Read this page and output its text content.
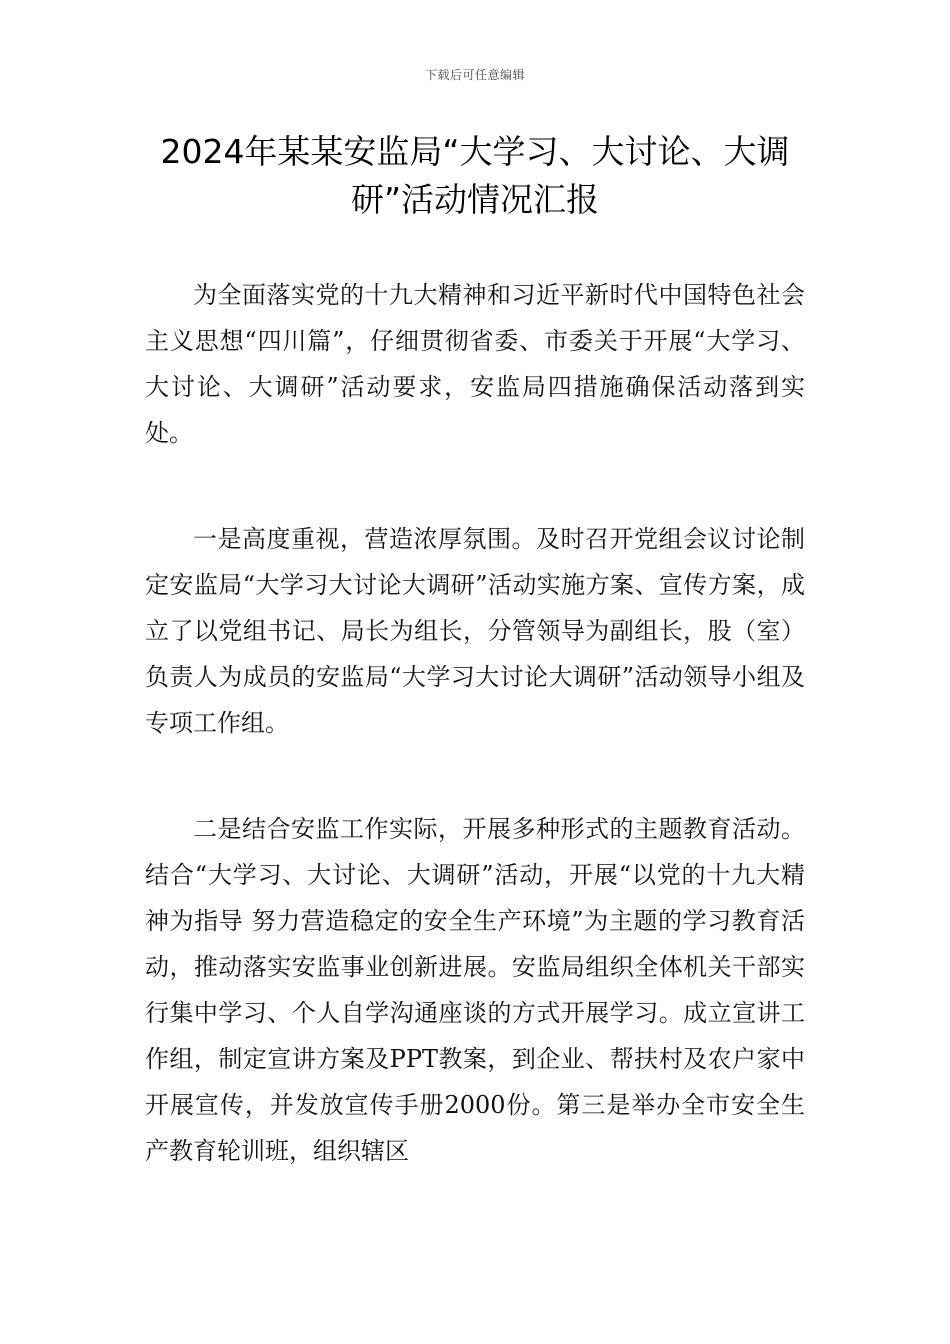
下载后可任意编辑
2024年某某安监局“大学习、大讨论、大调研”活动情况汇报

为全面落实党的十九大精神和习近平新时代中国特色社会主义思想“四川篇”，仔细贯彻省委、市委关于开展“大学习、大讨论、大调研”活动要求，安监局四措施确保活动落到实处。

一是高度重视，营造浓厚氛围。及时召开党组会议讨论制定安监局“大学习大讨论大调研”活动实施方案、宣传方案，成立了以党组书记、局长为组长，分管领导为副组长，股（室）负责人为成员的安监局“大学习大讨论大调研”活动领导小组及专项工作组。

二是结合安监工作实际，开展多种形式的主题教育活动。结合“大学习、大讨论、大调研”活动，开展“以党的十九大精神为指导 努力营造稳定的安全生产环境”为主题的学习教育活动，推动落实安监事业创新进展。安监局组织全体机关干部实行集中学习、个人自学沟通座谈的方式开展学习。成立宣讲工作组，制定宣讲方案及PPT教案，到企业、帮扶村及农户家中开展宣传，并发放宣传手册2000份。第三是举办全市安全生产教育轮训班，组织辖区
